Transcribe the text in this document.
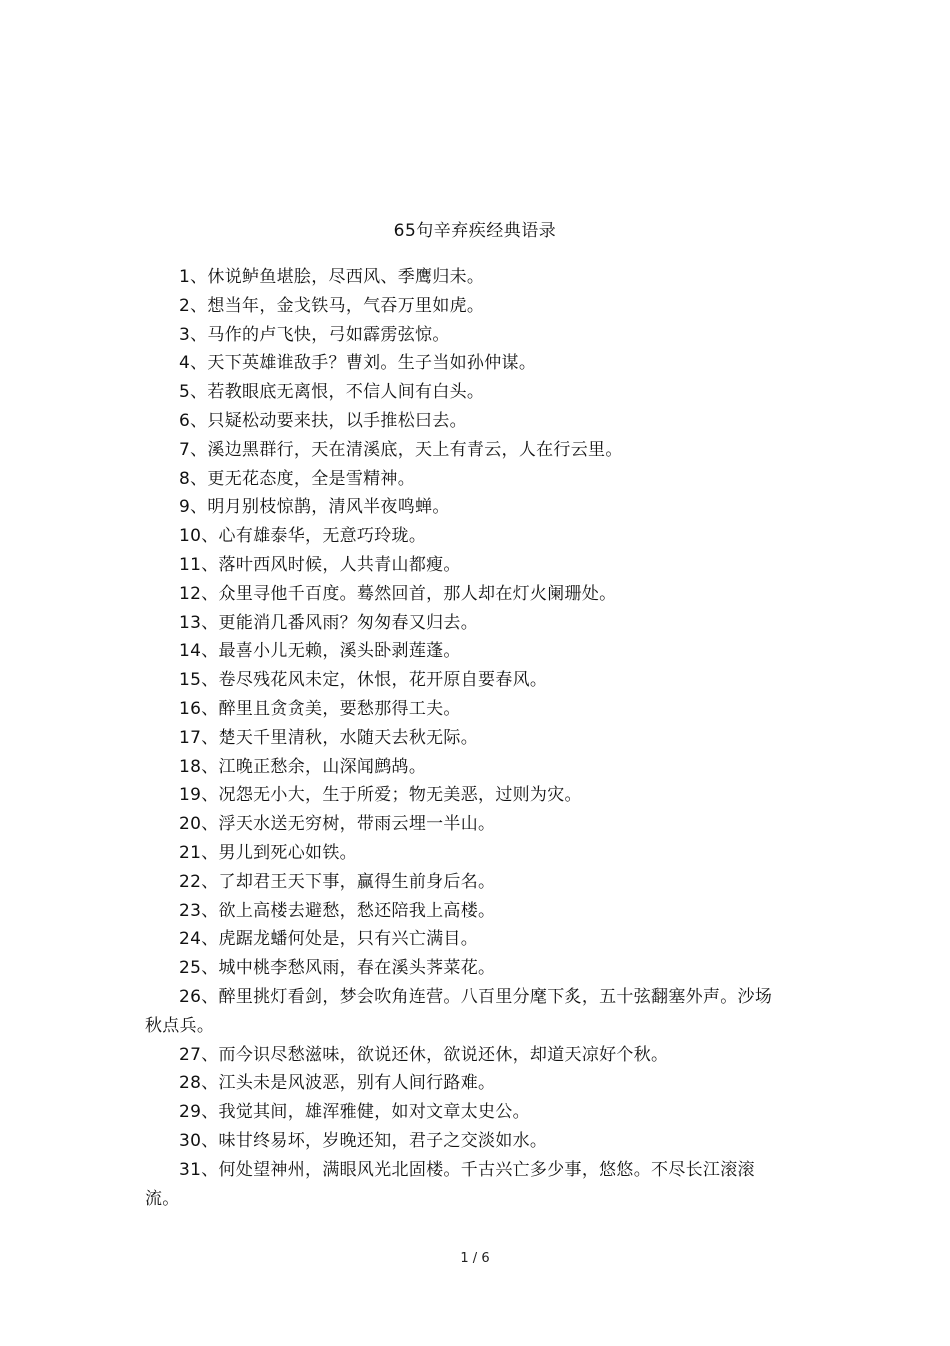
65句辛弃疾经典语录

1、休说鲈鱼堪脍，尽西风、季鹰归未。

2、想当年，金戈铁马，气吞万里如虎。

3、马作的卢飞快，弓如霹雳弦惊。

4、天下英雄谁敌手？曹刘。生子当如孙仲谋。

5、若教眼底无离恨，不信人间有白头。

6、只疑松动要来扶，以手推松曰去。

7、溪边黑群行，天在清溪底，天上有青云，人在行云里。

8、更无花态度，全是雪精神。

9、明月别枝惊鹊，清风半夜鸣蝉。

10、心有雄泰华，无意巧玲珑。

11、落叶西风时候，人共青山都瘦。

12、众里寻他千百度。蓦然回首，那人却在灯火阑珊处。

13、更能消几番风雨？匆匆春又归去。

14、最喜小儿无赖，溪头卧剥莲蓬。

15、卷尽残花风未定，休恨，花开原自要春风。

16、醉里且贪贪美，要愁那得工夫。

17、楚天千里清秋，水随天去秋无际。

18、江晚正愁余，山深闻鹧鸪。

19、况怨无小大，生于所爱；物无美恶，过则为灾。

20、浮天水送无穷树，带雨云埋一半山。

21、男儿到死心如铁。

22、了却君王天下事，赢得生前身后名。

23、欲上高楼去避愁，愁还陪我上高楼。

24、虎踞龙蟠何处是，只有兴亡满目。

25、城中桃李愁风雨，春在溪头荠菜花。

26、醉里挑灯看剑，梦会吹角连营。八百里分麾下炙，五十弦翻塞外声。沙场秋点兵。

27、而今识尽愁滋味，欲说还休，欲说还休，却道天凉好个秋。

28、江头未是风波恶，别有人间行路难。

29、我觉其间，雄浑雅健，如对文章太史公。

30、味甘终易坏，岁晚还知，君子之交淡如水。

31、何处望神州，满眼风光北固楼。千古兴亡多少事，悠悠。不尽长江滚滚流。

1 / 6
